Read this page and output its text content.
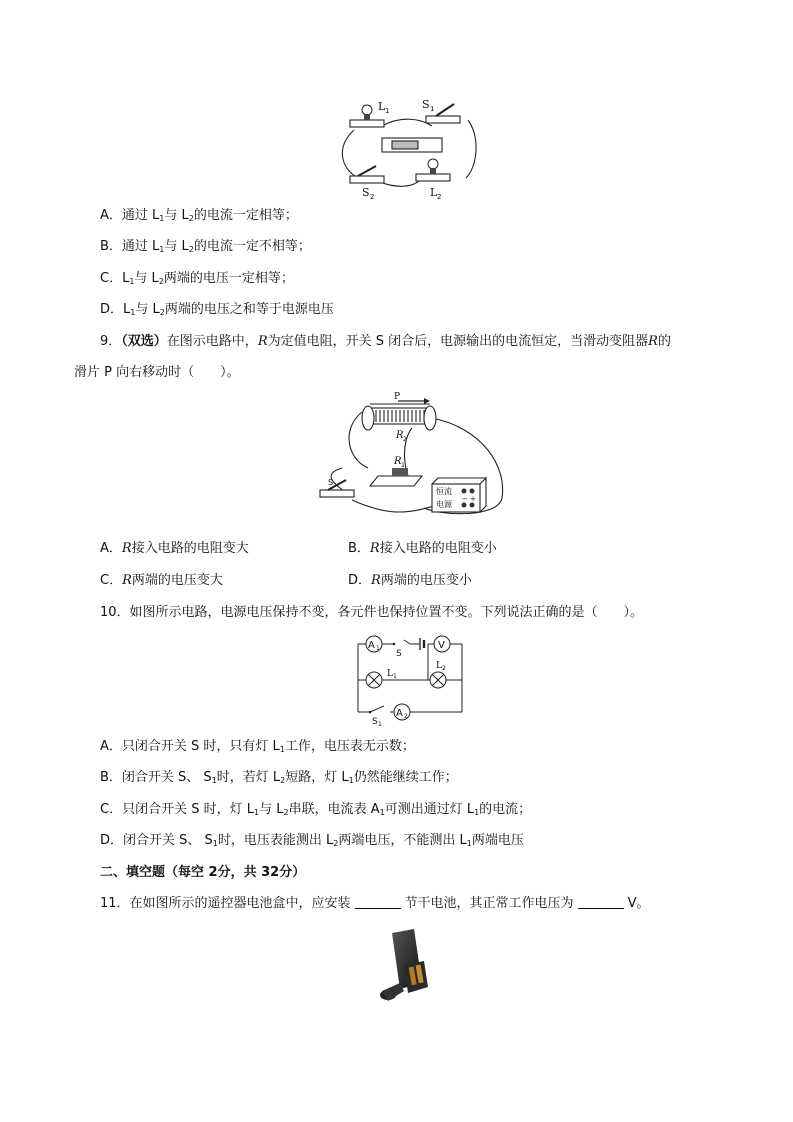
L 1	S 1
S 2	L 2
A．通过 $L_1$与 $L_2$的电流一定相等；
B．通过 $L_1$与 $L_2$的电流一定不相等；
C．$L_1$与 $L_2$两端的电压一定相等；
D．$L_1$与 $L_2$两端的电压之和等于电源电压
9．（双选）在图示电路中，R为定值电阻，开关 S 闭合后，电源输出的电流恒定，当滑动变阻器R的
滑片 P 向右移动时（　　）。
P
R 2
R 1
S
恒流
电源
− +
A．R接入电路的电阻变大	B．R接入电路的电阻变小
C．R两端的电压变大	D．R两端的电压变小
10．如图所示电路，电源电压保持不变，各元件也保持位置不变。下列说法正确的是（　　）。
A 1
S
V
L 1
L 2
S 1
A 2
A．只闭合开关 S 时，只有灯 $L_1$工作，电压表无示数；
B．闭合开关 S、 $S_1$时，若灯 $L_2$短路，灯 $L_1$仍然能继续工作；
C．只闭合开关 S 时，灯 $L_1$与 $L_2$串联，电流表 $A_1$可测出通过灯 $L_1$的电流；
D．闭合开关 S、 $S_1$时，电压表能测出 $L_2$两端电压，不能测出 $L_1$两端电压
二、填空题（每空 2分，共 32分）
11．在如图所示的遥控器电池盒中，应安装	节干电池，其正常工作电压为	V。
